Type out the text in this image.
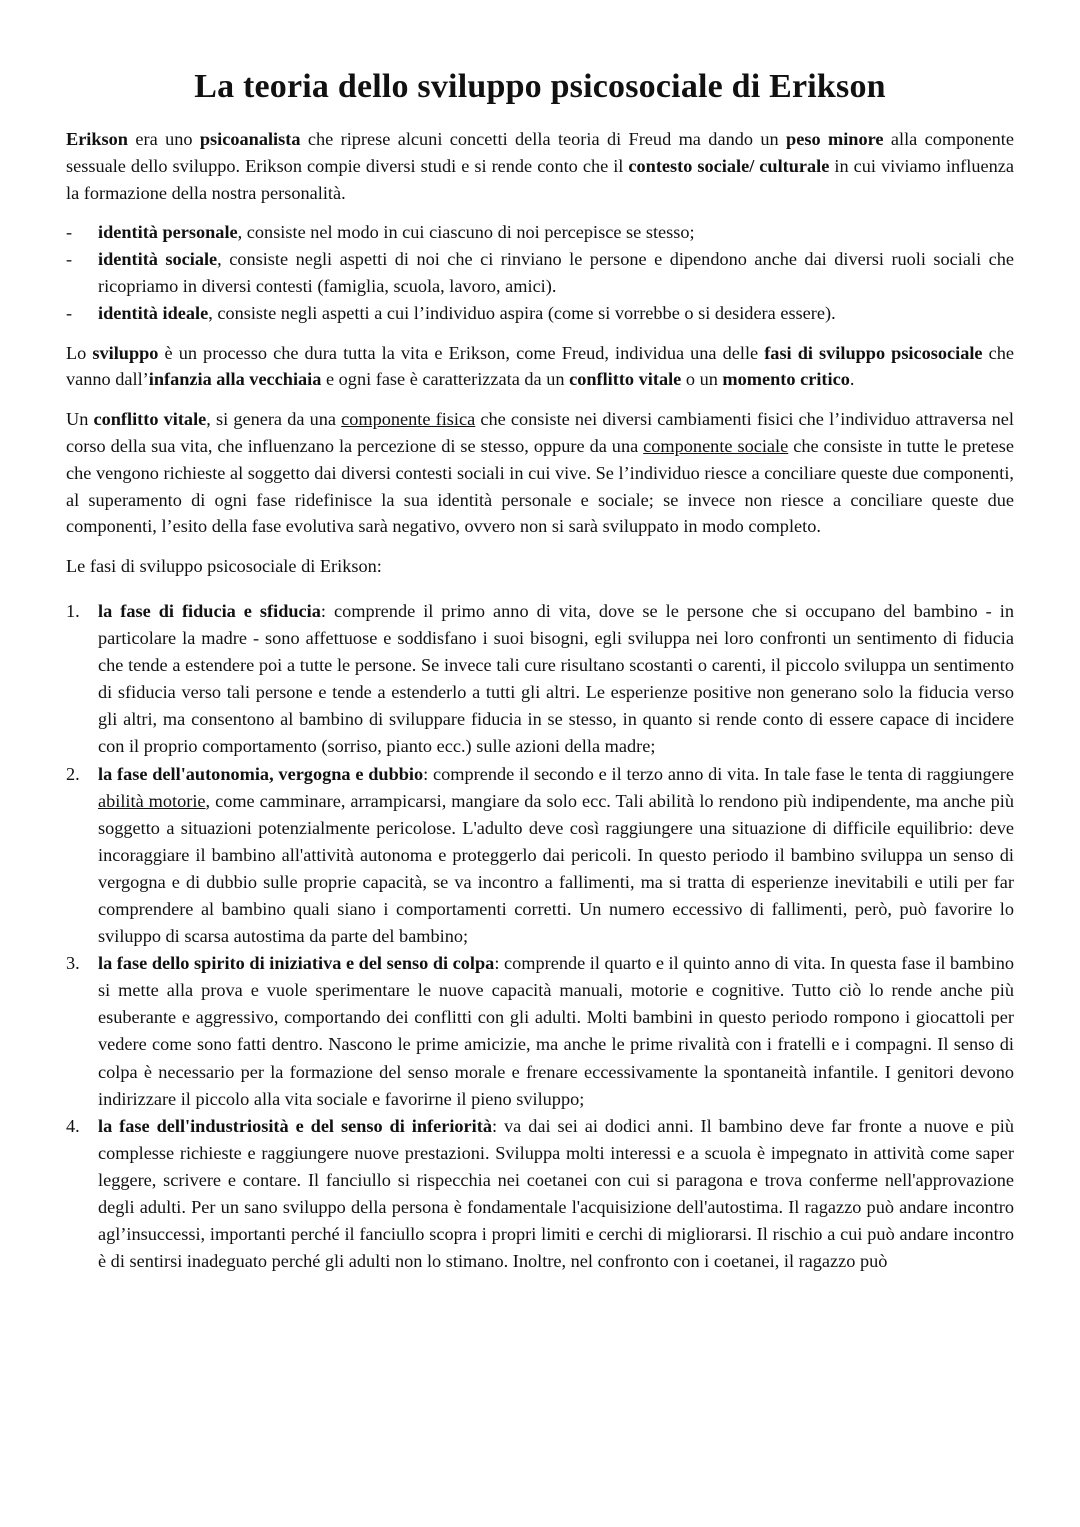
La teoria dello sviluppo psicosociale di Erikson

Erikson era uno psicoanalista che riprese alcuni concetti della teoria di Freud ma dando un peso minore alla componente sessuale dello sviluppo. Erikson compie diversi studi e si rende conto che il contesto sociale/ culturale in cui viviamo influenza la formazione della nostra personalità.

- identità personale, consiste nel modo in cui ciascuno di noi percepisce se stesso;
- identità sociale, consiste negli aspetti di noi che ci rinviano le persone e dipendono anche dai diversi ruoli sociali che ricopriamo in diversi contesti (famiglia, scuola, lavoro, amici).
- identità ideale, consiste negli aspetti a cui l’individuo aspira (come si vorrebbe o si desidera essere).

Lo sviluppo è un processo che dura tutta la vita e Erikson, come Freud, individua una delle fasi di sviluppo psicosociale che vanno dall’infanzia alla vecchiaia e ogni fase è caratterizzata da un conflitto vitale o un momento critico.

Un conflitto vitale, si genera da una componente fisica che consiste nei diversi cambiamenti fisici che l’individuo attraversa nel corso della sua vita, che influenzano la percezione di se stesso, oppure da una componente sociale che consiste in tutte le pretese che vengono richieste al soggetto dai diversi contesti sociali in cui vive. Se l’individuo riesce a conciliare queste due componenti, al superamento di ogni fase ridefinisce la sua identità personale e sociale; se invece non riesce a conciliare queste due componenti, l’esito della fase evolutiva sarà negativo, ovvero non si sarà sviluppato in modo completo.

Le fasi di sviluppo psicosociale di Erikson:

1. la fase di fiducia e sfiducia: comprende il primo anno di vita, dove se le persone che si occupano del bambino - in particolare la madre - sono affettuose e soddisfano i suoi bisogni, egli sviluppa nei loro confronti un sentimento di fiducia che tende a estendere poi a tutte le persone. Se invece tali cure risultano scostanti o carenti, il piccolo sviluppa un sentimento di sfiducia verso tali persone e tende a estenderlo a tutti gli altri. Le esperienze positive non generano solo la fiducia verso gli altri, ma consentono al bambino di sviluppare fiducia in se stesso, in quanto si rende conto di essere capace di incidere con il proprio comportamento (sorriso, pianto ecc.) sulle azioni della madre;
2. la fase dell'autonomia, vergogna e dubbio: comprende il secondo e il terzo anno di vita. In tale fase le tenta di raggiungere abilità motorie, come camminare, arrampicarsi, mangiare da solo ecc. Tali abilità lo rendono più indipendente, ma anche più soggetto a situazioni potenzialmente pericolose. L'adulto deve così raggiungere una situazione di difficile equilibrio: deve incoraggiare il bambino all'attività autonoma e proteggerlo dai pericoli. In questo periodo il bambino sviluppa un senso di vergogna e di dubbio sulle proprie capacità, se va incontro a fallimenti, ma si tratta di esperienze inevitabili e utili per far comprendere al bambino quali siano i comportamenti corretti. Un numero eccessivo di fallimenti, però, può favorire lo sviluppo di scarsa autostima da parte del bambino;
3. la fase dello spirito di iniziativa e del senso di colpa: comprende il quarto e il quinto anno di vita. In questa fase il bambino si mette alla prova e vuole sperimentare le nuove capacità manuali, motorie e cognitive. Tutto ciò lo rende anche più esuberante e aggressivo, comportando dei conflitti con gli adulti. Molti bambini in questo periodo rompono i giocattoli per vedere come sono fatti dentro. Nascono le prime amicizie, ma anche le prime rivalità con i fratelli e i compagni. Il senso di colpa è necessario per la formazione del senso morale e frenare eccessivamente la spontaneità infantile. I genitori devono indirizzare il piccolo alla vita sociale e favorirne il pieno sviluppo;
4. la fase dell'industriosità e del senso di inferiorità: va dai sei ai dodici anni. Il bambino deve far fronte a nuove e più complesse richieste e raggiungere nuove prestazioni. Sviluppa molti interessi e a scuola è impegnato in attività come saper leggere, scrivere e contare. Il fanciullo si rispecchia nei coetanei con cui si paragona e trova conferme nell'approvazione degli adulti. Per un sano sviluppo della persona è fondamentale l'acquisizione dell'autostima. Il ragazzo può andare incontro agl’insuccessi, importanti perché il fanciullo scopra i propri limiti e cerchi di migliorarsi. Il rischio a cui può andare incontro è di sentirsi inadeguato perché gli adulti non lo stimano. Inoltre, nel confronto con i coetanei, il ragazzo può
